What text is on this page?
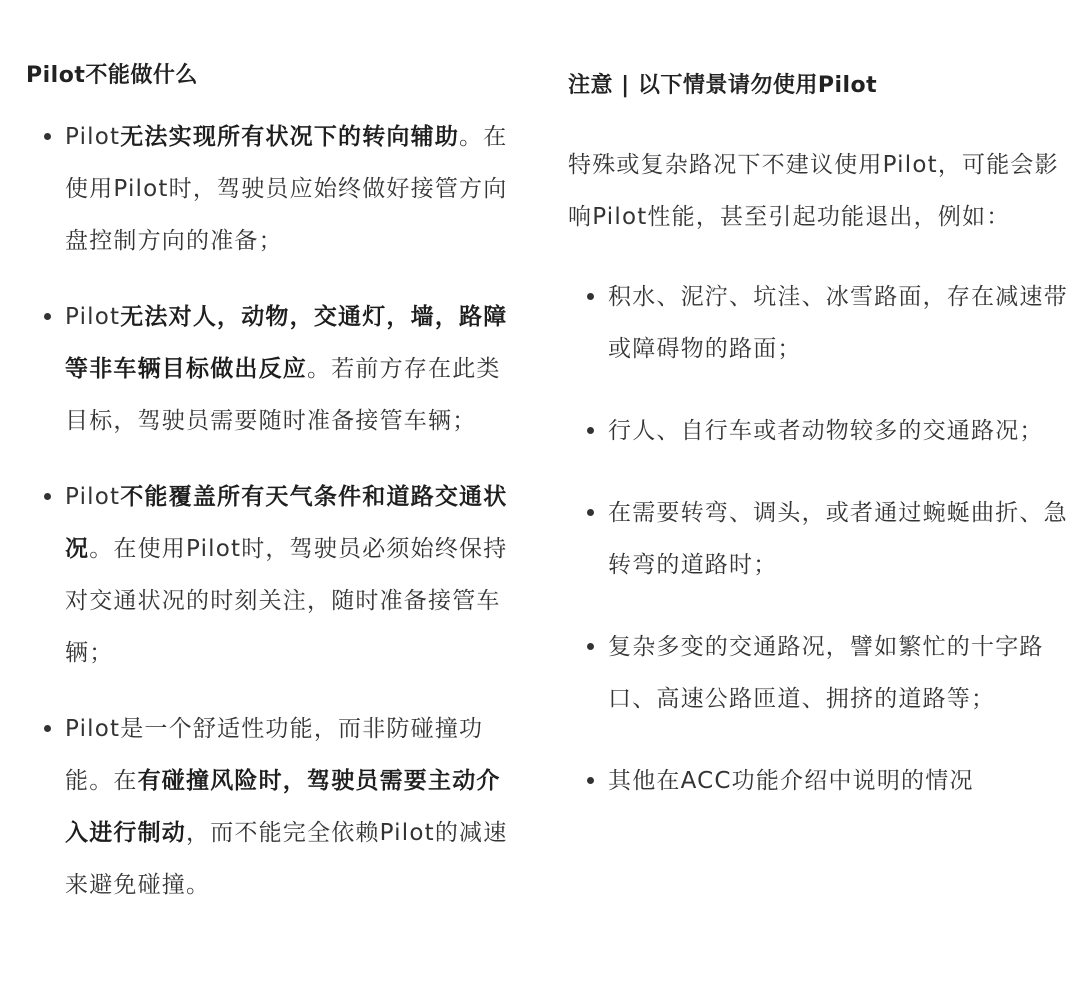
Pilot不能做什么
Pilot无法实现所有状况下的转向辅助。在使用Pilot时，驾驶员应始终做好接管方向盘控制方向的准备；
Pilot无法对人，动物，交通灯，墙，路障等非车辆目标做出反应。若前方存在此类目标，驾驶员需要随时准备接管车辆；
Pilot不能覆盖所有天气条件和道路交通状况。在使用Pilot时，驾驶员必须始终保持对交通状况的时刻关注，随时准备接管车辆；
Pilot是一个舒适性功能，而非防碰撞功能。在有碰撞风险时，驾驶员需要主动介入进行制动，而不能完全依赖Pilot的减速来避免碰撞。
注意 | 以下情景请勿使用Pilot

特殊或复杂路况下不建议使用Pilot，可能会影响Pilot性能，甚至引起功能退出，例如：

积水、泥泞、坑洼、冰雪路面，存在减速带或障碍物的路面；
行人、自行车或者动物较多的交通路况；
在需要转弯、调头，或者通过蜿蜒曲折、急转弯的道路时；
复杂多变的交通路况，譬如繁忙的十字路口、高速公路匝道、拥挤的道路等；
其他在ACC功能介绍中说明的情况
